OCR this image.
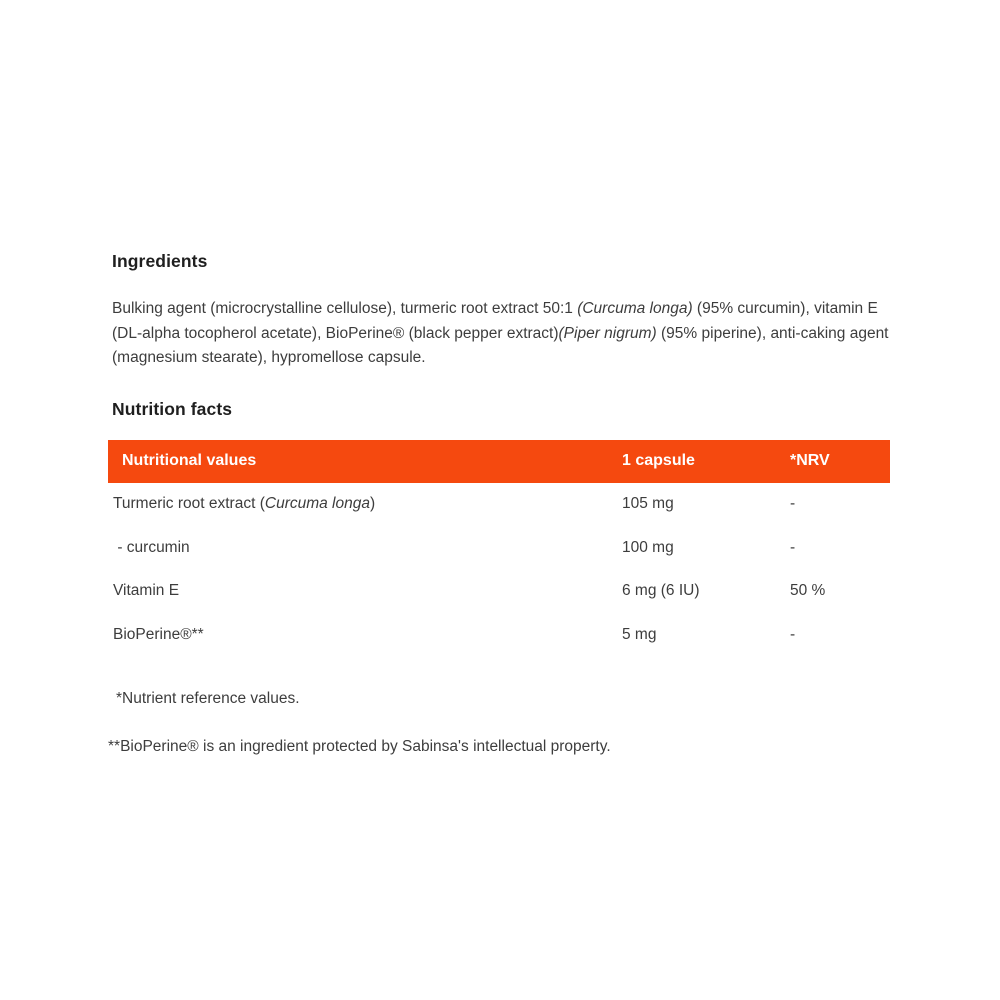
Ingredients

Bulking agent (microcrystalline cellulose), turmeric root extract 50:1 (Curcuma longa) (95% curcumin), vitamin E (DL-alpha tocopherol acetate), BioPerine® (black pepper extract)(Piper nigrum) (95% piperine), anti-caking agent (magnesium stearate), hypromellose capsule.

Nutrition facts
Nutritional values	1 capsule	*NRV
Turmeric root extract (Curcuma longa)	105 mg	-
- curcumin	100 mg	-
Vitamin E	6 mg (6 IU)	50 %
BioPerine®**	5 mg	-

*Nutrient reference values.

**BioPerine® is an ingredient protected by Sabinsa's intellectual property.
